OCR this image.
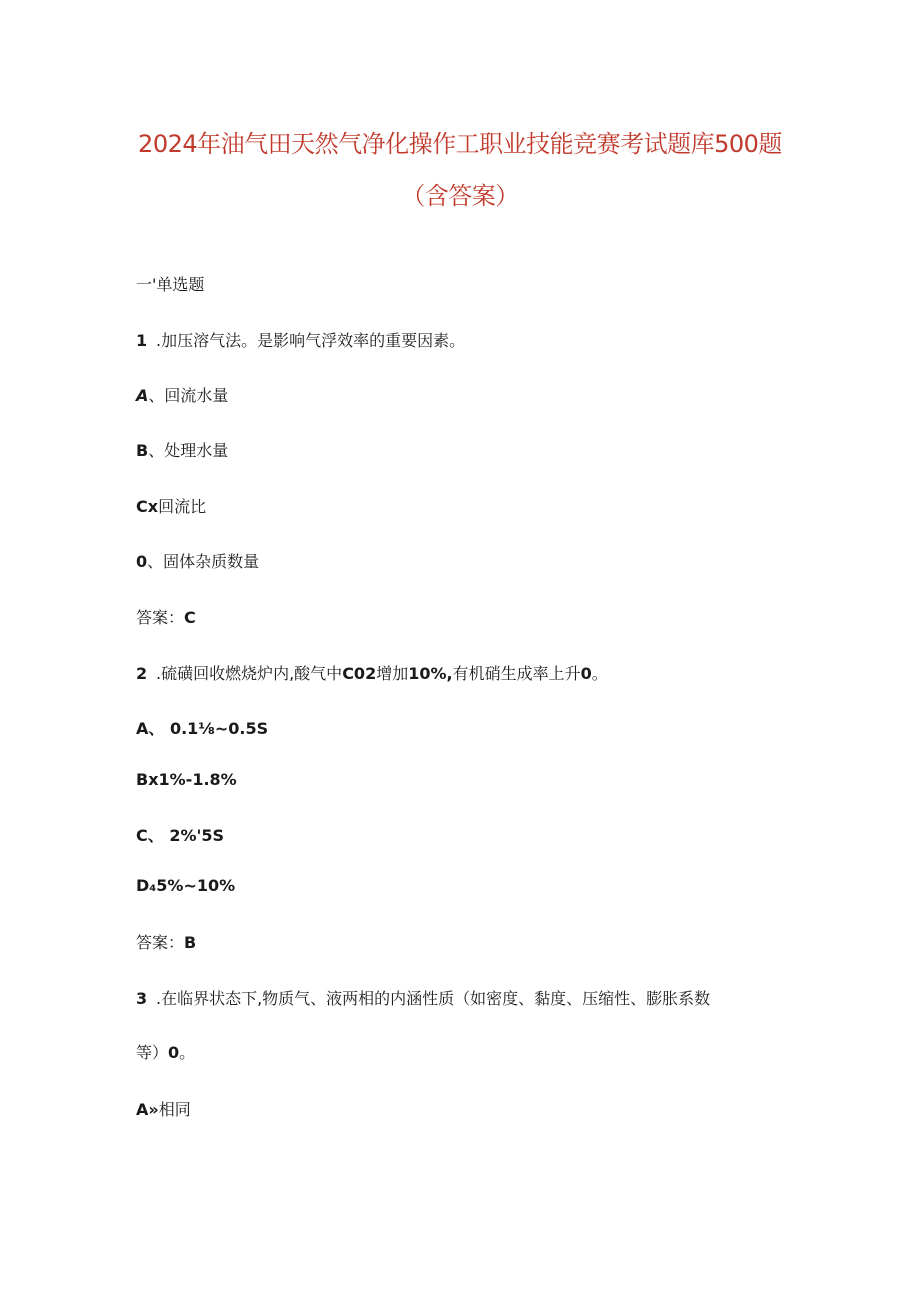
2024年油气田天然气净化操作工职业技能竞赛考试题库500题
（含答案）
一'单选题
1 .加压溶气法。是影响气浮效率的重要因素。
A、回流水量
B、处理水量
Cx回流比
0、固体杂质数量
答案：C
2 .硫磺回收燃烧炉内,酸气中C02增加10%,有机硝生成率上升0。
A、 0.1⅛~0.5S
Bx1%-1.8%
C、 2%'5S
D₄5%~10%
答案：B
3 .在临界状态下,物质气、液两相的内涵性质（如密度、黏度、压缩性、膨胀系数
等）0。
A»相同
